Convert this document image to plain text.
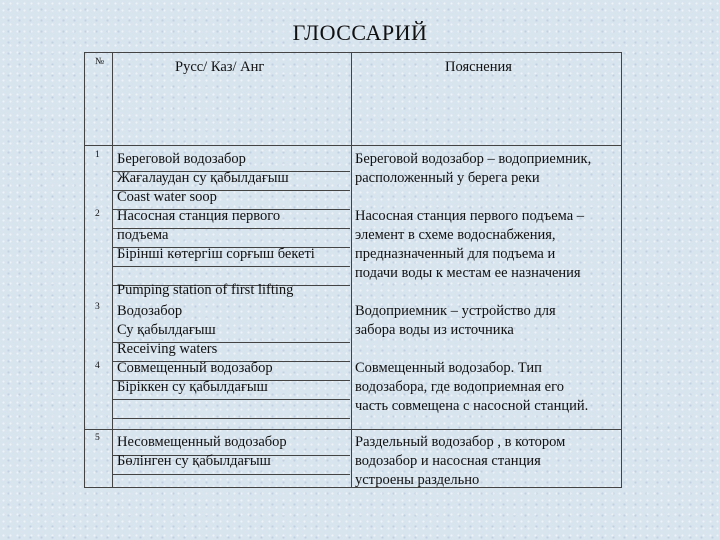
ГЛОССАРИЙ
№	Русс/ Каз/ Анг	Пояснения
1 Береговой водозабор
Жағалаудан су қабылдағыш
Coast water soop
Береговой водозабор – водоприемник,
расположенный у берега реки
2 Насосная станция первого
подъема
Бірінші көтергіш сорғыш бекеті
Pumping station of first lifting
Насосная станция первого подъема –
элемент в схеме водоснабжения,
предназначенный для подъема и
подачи воды к местам ее назначения
3 Водозабор
Су қабылдағыш
Receiving waters
Водоприемник – устройство для
забора воды из источника
4 Совмещенный водозабор
Біріккен су қабылдағыш
Совмещенный водозабор. Тип
водозабора, где водоприемная его
часть совмещена с насосной станций.
5 Несовмещенный водозабор
Бөлінген су қабылдағыш
Раздельный водозабор , в котором
водозабор и насосная станция
устроены раздельно
